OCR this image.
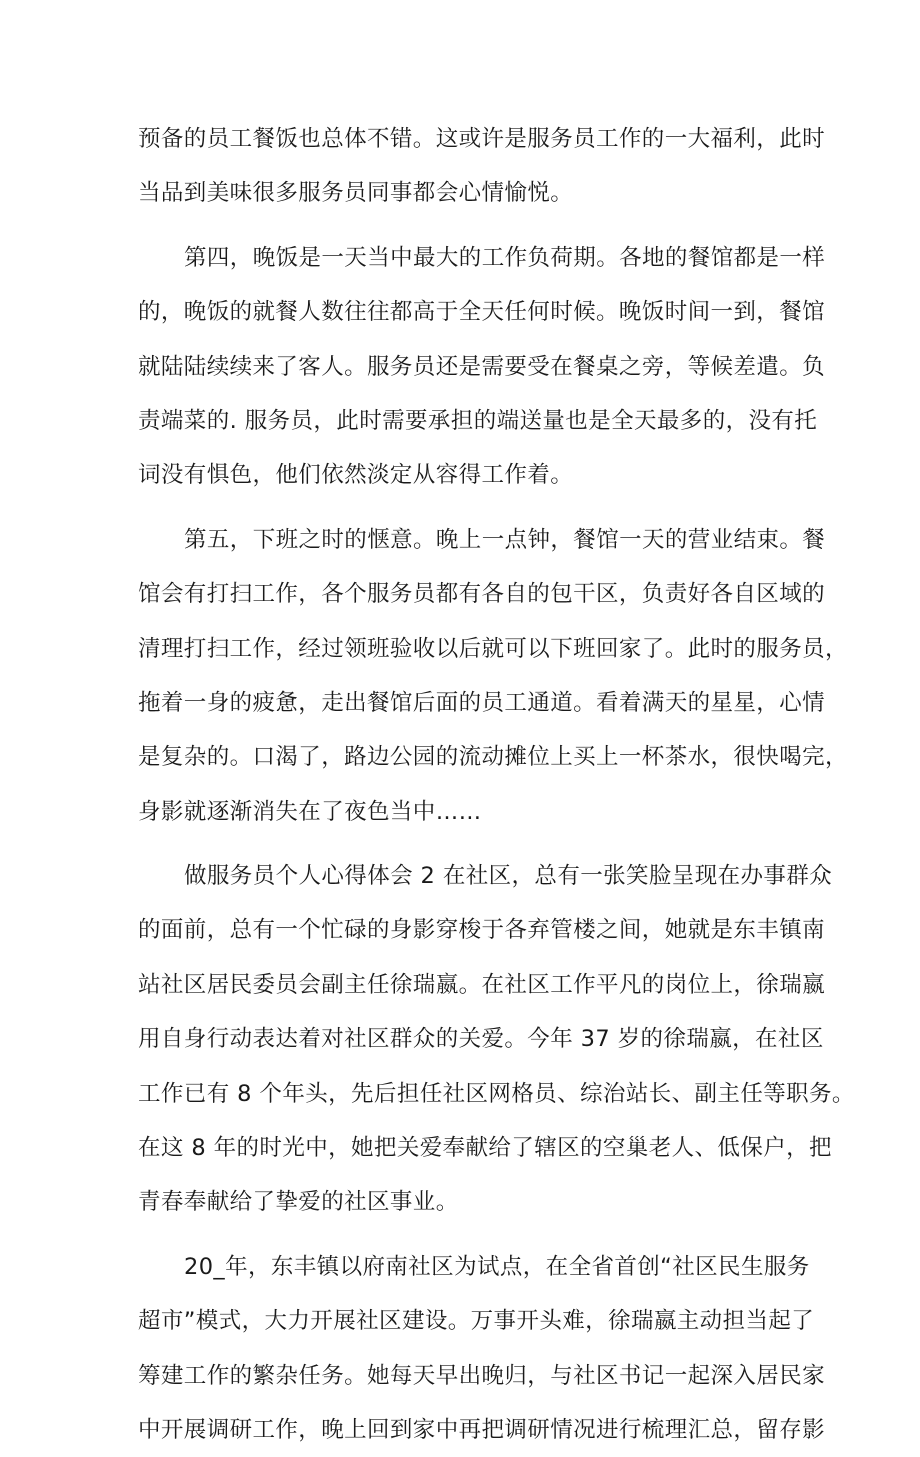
预备的员工餐饭也总体不错。这或许是服务员工作的一大福利，此时
当品到美味很多服务员同事都会心情愉悦。
第四，晚饭是一天当中最大的工作负荷期。各地的餐馆都是一样
的，晚饭的就餐人数往往都高于全天任何时候。晚饭时间一到，餐馆
就陆陆续续来了客人。服务员还是需要受在餐桌之旁，等候差遣。负
责端菜的. 服务员，此时需要承担的端送量也是全天最多的，没有托
词没有惧色，他们依然淡定从容得工作着。
第五，下班之时的惬意。晚上一点钟，餐馆一天的营业结束。餐
馆会有打扫工作，各个服务员都有各自的包干区，负责好各自区域的
清理打扫工作，经过领班验收以后就可以下班回家了。此时的服务员，
拖着一身的疲惫，走出餐馆后面的员工通道。看着满天的星星，心情
是复杂的。口渴了，路边公园的流动摊位上买上一杯茶水，很快喝完，
身影就逐渐消失在了夜色当中……
做服务员个人心得体会 2 在社区，总有一张笑脸呈现在办事群众
的面前，总有一个忙碌的身影穿梭于各弃管楼之间，她就是东丰镇南
站社区居民委员会副主任徐瑞嬴。在社区工作平凡的岗位上，徐瑞嬴
用自身行动表达着对社区群众的关爱。今年 37 岁的徐瑞嬴，在社区
工作已有 8 个年头，先后担任社区网格员、综治站长、副主任等职务。
在这 8 年的时光中，她把关爱奉献给了辖区的空巢老人、低保户，把
青春奉献给了挚爱的社区事业。
20_年，东丰镇以府南社区为试点，在全省首创“社区民生服务
超市”模式，大力开展社区建设。万事开头难，徐瑞嬴主动担当起了
筹建工作的繁杂任务。她每天早出晚归，与社区书记一起深入居民家
中开展调研工作，晚上回到家中再把调研情况进行梳理汇总，留存影
